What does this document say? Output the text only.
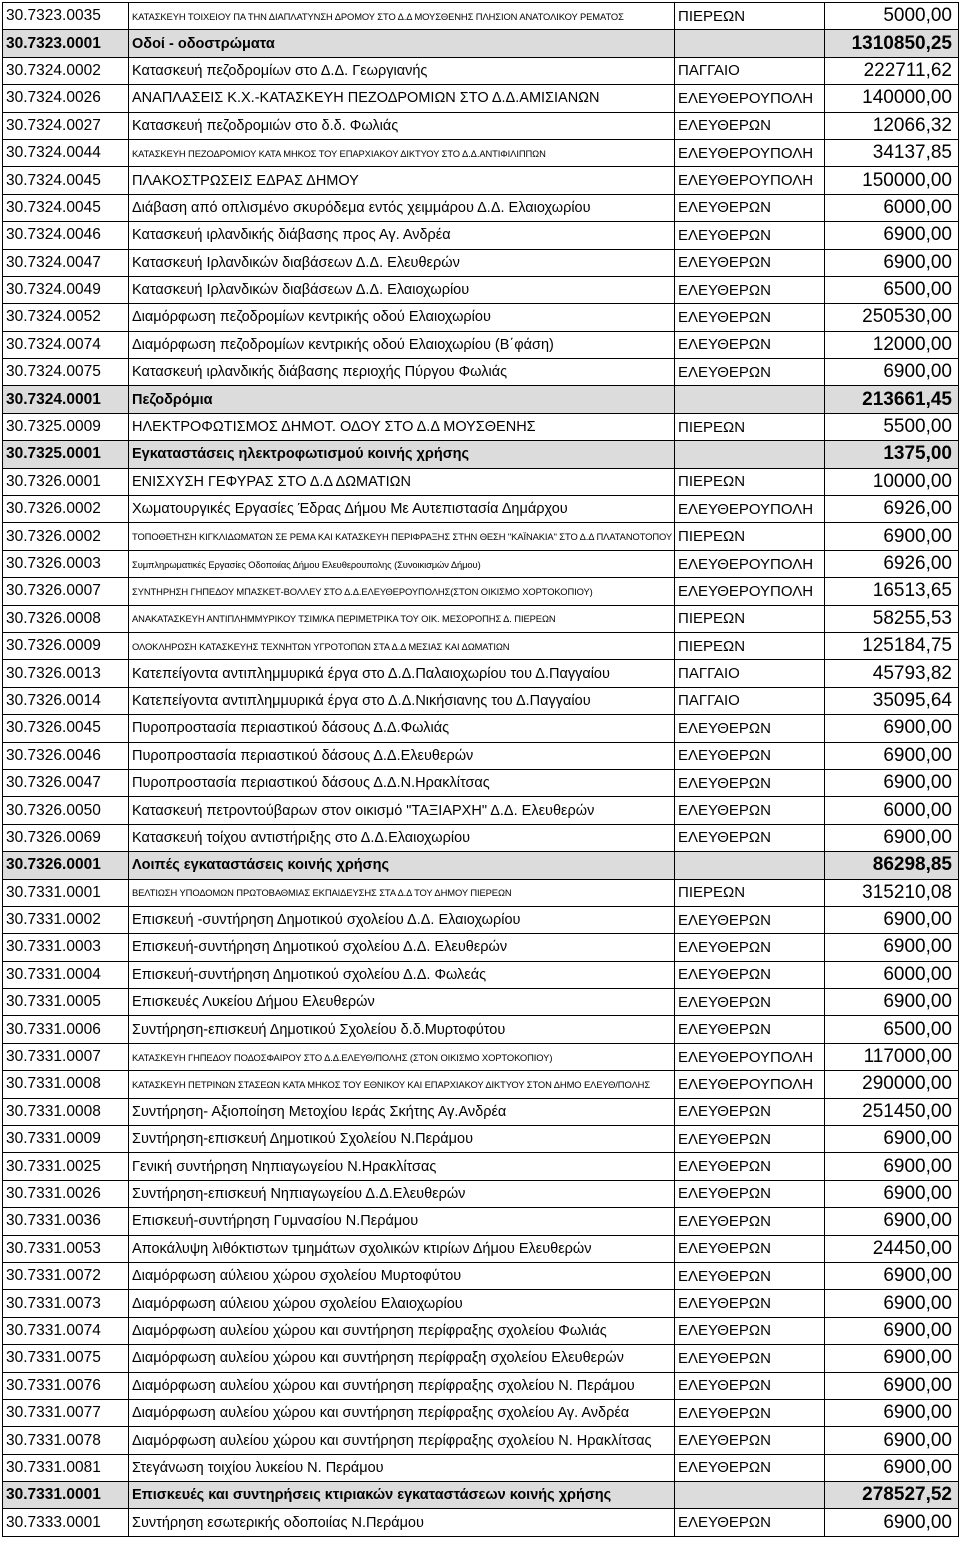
30.7323.0035	ΚΑΤΑΣΚΕΥΗ ΤΟΙΧΕΙΟΥ ΠΑ ΤΗΝ ΔΙΑΠΛΑΤΥΝΣΗ ΔΡΟΜΟΥ ΣΤΟ Δ.Δ ΜΟΥΣΘΕΝΗΣ ΠΛΗΣΙΟΝ ΑΝΑΤΟΛΙΚΟΥ ΡΕΜΑΤΟΣ	ΠΙΕΡΕΩΝ	5000,00
30.7323.0001	Οδοί - οδοστρώματα		1310850,25
30.7324.0002	Κατασκευή πεζοδρομίων στο Δ.Δ. Γεωργιανής	ΠΑΓΓΑΙΟ	222711,62
30.7324.0026	ΑΝΑΠΛΑΣΕΙΣ Κ.Χ.-ΚΑΤΑΣΚΕΥΗ ΠΕΖΟΔΡΟΜΙΩΝ ΣΤΟ Δ.Δ.ΑΜΙΣΙΑΝΩΝ	ΕΛΕΥΘΕΡΟΥΠΟΛΗ	140000,00
30.7324.0027	Κατασκευή πεζοδρομιών στο δ.δ. Φωλιάς	ΕΛΕΥΘΕΡΩΝ	12066,32
30.7324.0044	ΚΑΤΑΣΚΕΥΗ ΠΕΖΟΔΡΟΜΙΟΥ ΚΑΤΑ ΜΗΚΟΣ ΤΟΥ ΕΠΑΡΧΙΑΚΟΥ ΔΙΚΤΥΟΥ ΣΤΟ Δ.Δ.ΑΝΤΙΦΙΛΙΠΠΩΝ	ΕΛΕΥΘΕΡΟΥΠΟΛΗ	34137,85
30.7324.0045	ΠΛΑΚΟΣΤΡΩΣΕΙΣ ΕΔΡΑΣ ΔΗΜΟΥ	ΕΛΕΥΘΕΡΟΥΠΟΛΗ	150000,00
30.7324.0045	Διάβαση από οπλισμένο σκυρόδεμα εντός χειμμάρου Δ.Δ. Ελαιοχωρίου	ΕΛΕΥΘΕΡΩΝ	6000,00
30.7324.0046	Κατασκευή ιρλανδικής διάβασης προς Αγ. Ανδρέα	ΕΛΕΥΘΕΡΩΝ	6900,00
30.7324.0047	Κατασκευή Ιρλανδικών διαβάσεων Δ.Δ. Ελευθερών	ΕΛΕΥΘΕΡΩΝ	6900,00
30.7324.0049	Κατασκευή Ιρλανδικών διαβάσεων Δ.Δ. Ελαιοχωρίου	ΕΛΕΥΘΕΡΩΝ	6500,00
30.7324.0052	Διαμόρφωση πεζοδρομίων κεντρικής οδού Ελαιοχωρίου	ΕΛΕΥΘΕΡΩΝ	250530,00
30.7324.0074	Διαμόρφωση πεζοδρομίων κεντρικής οδού Ελαιοχωρίου (Β΄φάση)	ΕΛΕΥΘΕΡΩΝ	12000,00
30.7324.0075	Κατασκευή ιρλανδικής διάβασης περιοχής Πύργου Φωλιάς	ΕΛΕΥΘΕΡΩΝ	6900,00
30.7324.0001	Πεζοδρόμια		213661,45
30.7325.0009	ΗΛΕΚΤΡΟΦΩΤΙΣΜΟΣ ΔΗΜΟΤ. ΟΔΟΥ ΣΤΟ Δ.Δ ΜΟΥΣΘΕΝΗΣ	ΠΙΕΡΕΩΝ	5500,00
30.7325.0001	Εγκαταστάσεις ηλεκτροφωτισμού κοινής χρήσης		1375,00
30.7326.0001	ΕΝΙΣΧΥΣΗ ΓΕΦΥΡΑΣ ΣΤΟ Δ.Δ ΔΩΜΑΤΙΩΝ	ΠΙΕΡΕΩΝ	10000,00
30.7326.0002	Χωματουργικές Εργασίες Έδρας Δήμου Με Αυτεπιστασία Δημάρχου	ΕΛΕΥΘΕΡΟΥΠΟΛΗ	6926,00
30.7326.0002	ΤΟΠΟΘΕΤΗΣΗ ΚΙΓΚΛΙΔΩΜΑΤΩΝ ΣΕ ΡΕΜΑ ΚΑΙ ΚΑΤΑΣΚΕΥΗ ΠΕΡΙΦΡΑΞΗΣ ΣΤΗΝ ΘΕΣΗ "ΚΑΪΝΑΚΙΑ" ΣΤΟ Δ.Δ ΠΛΑΤΑΝΟΤΟΠΟΥ	ΠΙΕΡΕΩΝ	6900,00
30.7326.0003	Συμπληρωματικές Εργασίες Οδοποιίας Δήμου Ελευθερουπολης (Συνοικισμών Δήμου)	ΕΛΕΥΘΕΡΟΥΠΟΛΗ	6926,00
30.7326.0007	ΣΥΝΤΗΡΗΣΗ ΓΗΠΕΔΟΥ ΜΠΑΣΚΕΤ-ΒΟΛΛΕΥ ΣΤΟ Δ.Δ.ΕΛΕΥΘΕΡΟΥΠΟΛΗΣ(ΣΤΟΝ ΟΙΚΙΣΜΟ ΧΟΡΤΟΚΟΠΙΟΥ)	ΕΛΕΥΘΕΡΟΥΠΟΛΗ	16513,65
30.7326.0008	ΑΝΑΚΑΤΑΣΚΕΥΗ ΑΝΤΙΠΛΗΜΜΥΡΙΚΟΥ ΤΣΙΜ/ΚΑ ΠΕΡΙΜΕΤΡΙΚΑ ΤΟΥ ΟΙΚ. ΜΕΣΟΡΟΠΗΣ Δ. ΠΙΕΡΕΩΝ	ΠΙΕΡΕΩΝ	58255,53
30.7326.0009	ΟΛΟΚΛΗΡΩΣΗ ΚΑΤΑΣΚΕΥΗΣ ΤΕΧΝΗΤΩΝ ΥΓΡΟΤΟΠΩΝ ΣΤΑ Δ.Δ ΜΕΣΙΑΣ ΚΑΙ ΔΩΜΑΤΙΩΝ	ΠΙΕΡΕΩΝ	125184,75
30.7326.0013	Κατεπείγοντα αντιπλημμυρικά έργα στο Δ.Δ.Παλαιοχωρίου του Δ.Παγγαίου	ΠΑΓΓΑΙΟ	45793,82
30.7326.0014	Κατεπείγοντα αντιπλημμυρικά έργα στο Δ.Δ.Νικήσιανης του Δ.Παγγαίου	ΠΑΓΓΑΙΟ	35095,64
30.7326.0045	Πυροπροστασία περιαστικού δάσους Δ.Δ.Φωλιάς	ΕΛΕΥΘΕΡΩΝ	6900,00
30.7326.0046	Πυροπροστασία περιαστικού δάσους Δ.Δ.Ελευθερών	ΕΛΕΥΘΕΡΩΝ	6900,00
30.7326.0047	Πυροπροστασία περιαστικού δάσους Δ.Δ.Ν.Ηρακλίτσας	ΕΛΕΥΘΕΡΩΝ	6900,00
30.7326.0050	Κατασκευή πετροντούβαρων στον οικισμό "ΤΑΞΙΑΡΧΗ" Δ.Δ. Ελευθερών	ΕΛΕΥΘΕΡΩΝ	6000,00
30.7326.0069	Κατασκευή τοίχου αντιστήριξης στο Δ.Δ.Ελαιοχωρίου	ΕΛΕΥΘΕΡΩΝ	6900,00
30.7326.0001	Λοιπές εγκαταστάσεις κοινής χρήσης		86298,85
30.7331.0001	ΒΕΛΤΙΩΣΗ ΥΠΟΔΟΜΩΝ ΠΡΩΤΟΒΑΘΜΙΑΣ ΕΚΠΑΙΔΕΥΣΗΣ ΣΤΑ Δ.Δ ΤΟΥ ΔΗΜΟΥ ΠΙΕΡΕΩΝ	ΠΙΕΡΕΩΝ	315210,08
30.7331.0002	Επισκευή -συντήρηση Δημοτικού σχολείου Δ.Δ. Ελαιοχωρίου	ΕΛΕΥΘΕΡΩΝ	6900,00
30.7331.0003	Επισκευή-συντήρηση Δημοτικού σχολείου Δ.Δ. Ελευθερών	ΕΛΕΥΘΕΡΩΝ	6900,00
30.7331.0004	Επισκευή-συντήρηση Δημοτικού σχολείου Δ.Δ. Φωλεάς	ΕΛΕΥΘΕΡΩΝ	6000,00
30.7331.0005	Επισκευές Λυκείου Δήμου Ελευθερών	ΕΛΕΥΘΕΡΩΝ	6900,00
30.7331.0006	Συντήρηση-επισκευή Δημοτικού Σχολείου δ.δ.Μυρτοφύτου	ΕΛΕΥΘΕΡΩΝ	6500,00
30.7331.0007	ΚΑΤΑΣΚΕΥΗ ΓΗΠΕΔΟΥ ΠΟΔΟΣΦΑΙΡΟΥ ΣΤΟ Δ.Δ.ΕΛΕΥΘ/ΠΟΛΗΣ (ΣΤΟΝ ΟΙΚΙΣΜΟ ΧΟΡΤΟΚΟΠΙΟΥ)	ΕΛΕΥΘΕΡΟΥΠΟΛΗ	117000,00
30.7331.0008	ΚΑΤΑΣΚΕΥΗ ΠΕΤΡΙΝΩΝ ΣΤΑΣΕΩΝ ΚΑΤΑ ΜΗΚΟΣ ΤΟΥ ΕΘΝΙΚΟΥ ΚΑΙ ΕΠΑΡΧΙΑΚΟΥ ΔΙΚΤΥΟΥ ΣΤΟΝ ΔΗΜΟ ΕΛΕΥΘ/ΠΟΛΗΣ	ΕΛΕΥΘΕΡΟΥΠΟΛΗ	290000,00
30.7331.0008	Συντήρηση- Αξιοποίηση Μετοχίου Ιεράς Σκήτης Αγ.Ανδρέα	ΕΛΕΥΘΕΡΩΝ	251450,00
30.7331.0009	Συντήρηση-επισκευή Δημοτικού Σχολείου Ν.Περάμου	ΕΛΕΥΘΕΡΩΝ	6900,00
30.7331.0025	Γενική συντήρηση Νηπιαγωγείου Ν.Ηρακλίτσας	ΕΛΕΥΘΕΡΩΝ	6900,00
30.7331.0026	Συντήρηση-επισκευή Νηπιαγωγείου Δ.Δ.Ελευθερών	ΕΛΕΥΘΕΡΩΝ	6900,00
30.7331.0036	Επισκευή-συντήρηση Γυμνασίου Ν.Περάμου	ΕΛΕΥΘΕΡΩΝ	6900,00
30.7331.0053	Αποκάλυψη λιθόκτιστων τμημάτων σχολικών κτιρίων Δήμου Ελευθερών	ΕΛΕΥΘΕΡΩΝ	24450,00
30.7331.0072	Διαμόρφωση αύλειου χώρου σχολείου Μυρτοφύτου	ΕΛΕΥΘΕΡΩΝ	6900,00
30.7331.0073	Διαμόρφωση αύλειου χώρου σχολείου Ελαιοχωρίου	ΕΛΕΥΘΕΡΩΝ	6900,00
30.7331.0074	Διαμόρφωση αυλείου χώρου και συντήρηση περίφραξης σχολείου Φωλιάς	ΕΛΕΥΘΕΡΩΝ	6900,00
30.7331.0075	Διαμόρφωση αυλείου χώρου και συντήρηση περίφραξη σχολείου Ελευθερών	ΕΛΕΥΘΕΡΩΝ	6900,00
30.7331.0076	Διαμόρφωση αυλείου χώρου και συντήρηση περίφραξης σχολείου Ν. Περάμου	ΕΛΕΥΘΕΡΩΝ	6900,00
30.7331.0077	Διαμόρφωση αυλείου χώρου και συντήρηση περίφραξης σχολείου Αγ. Ανδρέα	ΕΛΕΥΘΕΡΩΝ	6900,00
30.7331.0078	Διαμόρφωση αυλείου χώρου και συντήρηση περίφραξης σχολείου Ν. Ηρακλίτσας	ΕΛΕΥΘΕΡΩΝ	6900,00
30.7331.0081	Στεγάνωση τοιχίου λυκείου Ν. Περάμου	ΕΛΕΥΘΕΡΩΝ	6900,00
30.7331.0001	Επισκευές και συντηρήσεις κτιριακών εγκαταστάσεων κοινής χρήσης		278527,52
30.7333.0001	Συντήρηση εσωτερικής οδοποιίας Ν.Περάμου	ΕΛΕΥΘΕΡΩΝ	6900,00
